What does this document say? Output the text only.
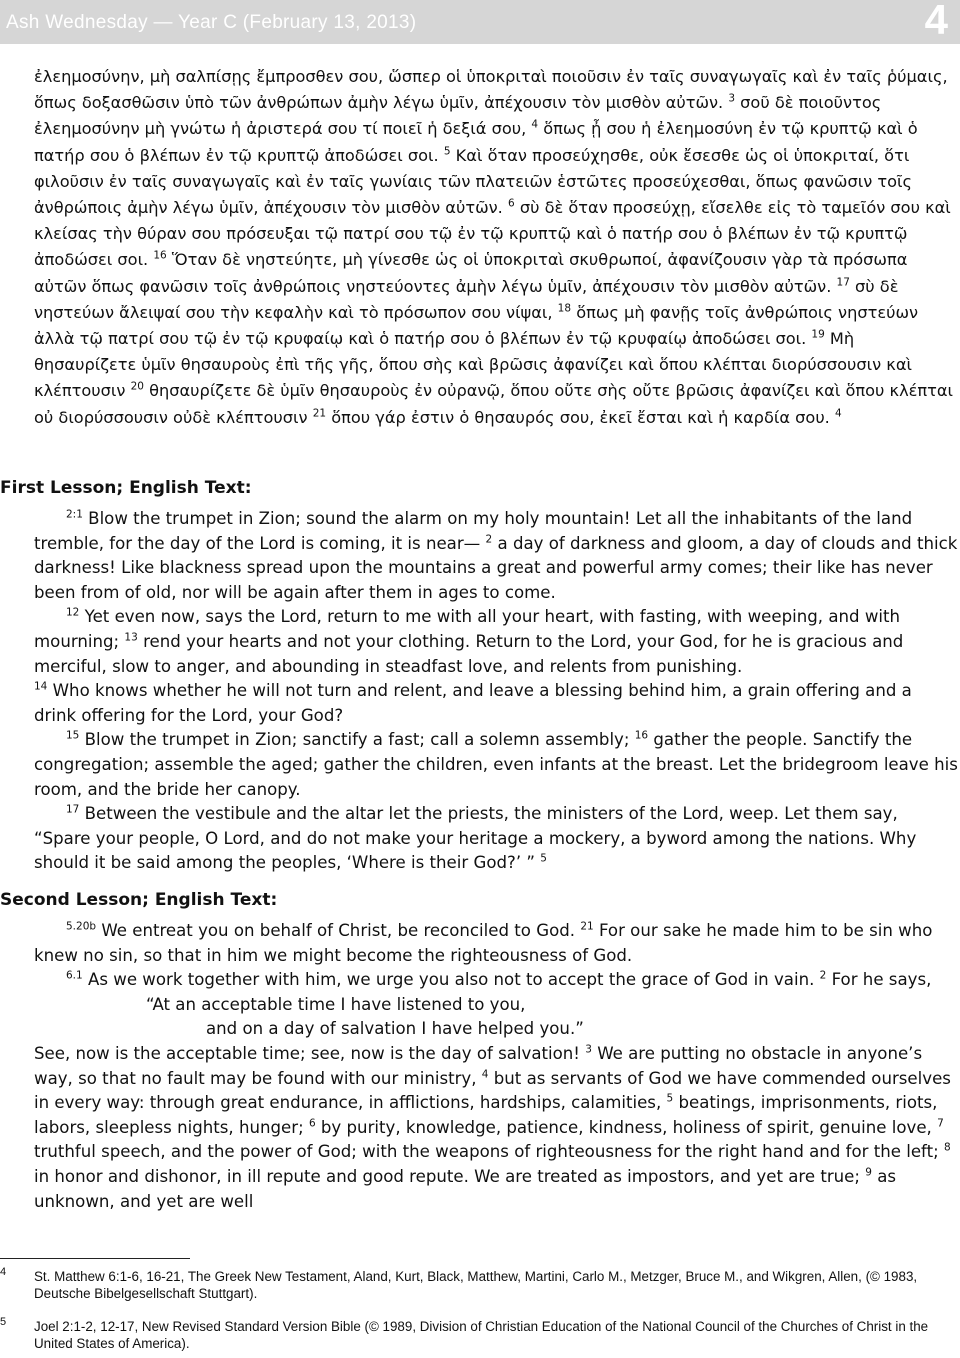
Ash Wednesday — Year C (February 13, 2013)	4

ἐλεημοσύνην, μὴ σαλπίσῃς ἔμπροσθεν σου, ὥσπερ οἱ ὑποκριταὶ ποιοῦσιν ἐν ταῖς συναγωγαῖς καὶ ἐν ταῖς ῥύμαις, ὅπως δοξασθῶσιν ὑπὸ τῶν ἀνθρώπων ἀμὴν λέγω ὑμῖν, ἀπέχουσιν τὸν μισθὸν αὐτῶν. $^3$ σοῦ δὲ ποιοῦντος ἐλεημοσύνην μὴ γνώτω ἡ ἀριστερά σου τί ποιεῖ ἡ δεξιά σου, $^4$ ὅπως ᾖ σου ἡ ἐλεημοσύνη ἐν τῷ κρυπτῷ καὶ ὁ πατήρ σου ὁ βλέπων ἐν τῷ κρυπτῷ ἀποδώσει σοι. $^5$ Καὶ ὅταν προσεύχησθε, οὐκ ἔσεσθε ὡς οἱ ὑποκριταί, ὅτι φιλοῦσιν ἐν ταῖς συναγωγαῖς καὶ ἐν ταῖς γωνίαις τῶν πλατειῶν ἑστῶτες προσεύχεσθαι, ὅπως φανῶσιν τοῖς ἀνθρώποις ἀμὴν λέγω ὑμῖν, ἀπέχουσιν τὸν μισθὸν αὐτῶν. $^6$ σὺ δὲ ὅταν προσεύχῃ, εἴσελθε εἰς τὸ ταμεῖόν σου καὶ κλείσας τὴν θύραν σου πρόσευξαι τῷ πατρί σου τῷ ἐν τῷ κρυπτῷ καὶ ὁ πατήρ σου ὁ βλέπων ἐν τῷ κρυπτῷ ἀποδώσει σοι. $^{16}$ Ὅταν δὲ νηστεύητε, μὴ γίνεσθε ὡς οἱ ὑποκριταὶ σκυθρωποί, ἀφανίζουσιν γὰρ τὰ πρόσωπα αὐτῶν ὅπως φανῶσιν τοῖς ἀνθρώποις νηστεύοντες ἀμὴν λέγω ὑμῖν, ἀπέχουσιν τὸν μισθὸν αὐτῶν. $^{17}$ σὺ δὲ νηστεύων ἄλειψαί σου τὴν κεφαλὴν καὶ τὸ πρόσωπον σου νίψαι, $^{18}$ ὅπως μὴ φανῇς τοῖς ἀνθρώποις νηστεύων ἀλλὰ τῷ πατρί σου τῷ ἐν τῷ κρυφαίῳ καὶ ὁ πατήρ σου ὁ βλέπων ἐν τῷ κρυφαίῳ ἀποδώσει σοι. $^{19}$ Μὴ θησαυρίζετε ὑμῖν θησαυροὺς ἐπὶ τῆς γῆς, ὅπου σὴς καὶ βρῶσις ἀφανίζει καὶ ὅπου κλέπται διορύσσουσιν καὶ κλέπτουσιν $^{20}$ θησαυρίζετε δὲ ὑμῖν θησαυροὺς ἐν οὐρανῷ, ὅπου οὔτε σὴς οὔτε βρῶσις ἀφανίζει καὶ ὅπου κλέπται οὐ διορύσσουσιν οὐδὲ κλέπτουσιν $^{21}$ ὅπου γάρ ἐστιν ὁ θησαυρός σου, ἐκεῖ ἔσται καὶ ἡ καρδία σου. $^4$

First Lesson; English Text:

$^{2:1}$ Blow the trumpet in Zion; sound the alarm on my holy mountain! Let all the inhabitants of the land tremble, for the day of the Lord is coming, it is near— $^2$ a day of darkness and gloom, a day of clouds and thick darkness! Like blackness spread upon the mountains a great and powerful army comes; their like has never been from of old, nor will be again after them in ages to come.

$^{12}$ Yet even now, says the Lord, return to me with all your heart, with fasting, with weeping, and with mourning; $^{13}$ rend your hearts and not your clothing. Return to the Lord, your God, for he is gracious and merciful, slow to anger, and abounding in steadfast love, and relents from punishing.

$^{14}$ Who knows whether he will not turn and relent, and leave a blessing behind him, a grain offering and a drink offering for the Lord, your God?

$^{15}$ Blow the trumpet in Zion; sanctify a fast; call a solemn assembly; $^{16}$ gather the people. Sanctify the congregation; assemble the aged; gather the children, even infants at the breast. Let the bridegroom leave his room, and the bride her canopy.

$^{17}$ Between the vestibule and the altar let the priests, the ministers of the Lord, weep. Let them say, “Spare your people, O Lord, and do not make your heritage a mockery, a byword among the nations. Why should it be said among the peoples, ‘Where is their God?’ ” $^5$

Second Lesson; English Text:

$^{5.20b}$ We entreat you on behalf of Christ, be reconciled to God. $^{21}$ For our sake he made him to be sin who knew no sin, so that in him we might become the righteousness of God.

$^{6.1}$ As we work together with him, we urge you also not to accept the grace of God in vain. $^2$ For he says,

“At an acceptable time I have listened to you,

and on a day of salvation I have helped you.”

See, now is the acceptable time; see, now is the day of salvation! $^3$ We are putting no obstacle in anyone’s way, so that no fault may be found with our ministry, $^4$ but as servants of God we have commended ourselves in every way: through great endurance, in afflictions, hardships, calamities, $^5$ beatings, imprisonments, riots, labors, sleepless nights, hunger; $^6$ by purity, knowledge, patience, kindness, holiness of spirit, genuine love, $^7$ truthful speech, and the power of God; with the weapons of righteousness for the right hand and for the left; $^8$ in honor and dishonor, in ill repute and good repute. We are treated as impostors, and yet are true; $^9$ as unknown, and yet are well

4 St. Matthew 6:1-6, 16-21, The Greek New Testament, Aland, Kurt, Black, Matthew, Martini, Carlo M., Metzger, Bruce M., and Wikgren, Allen, (© 1983, Deutsche Bibelgesellschaft Stuttgart).
5 Joel 2:1-2, 12-17, New Revised Standard Version Bible (© 1989, Division of Christian Education of the National Council of the Churches of Christ in the United States of America).
